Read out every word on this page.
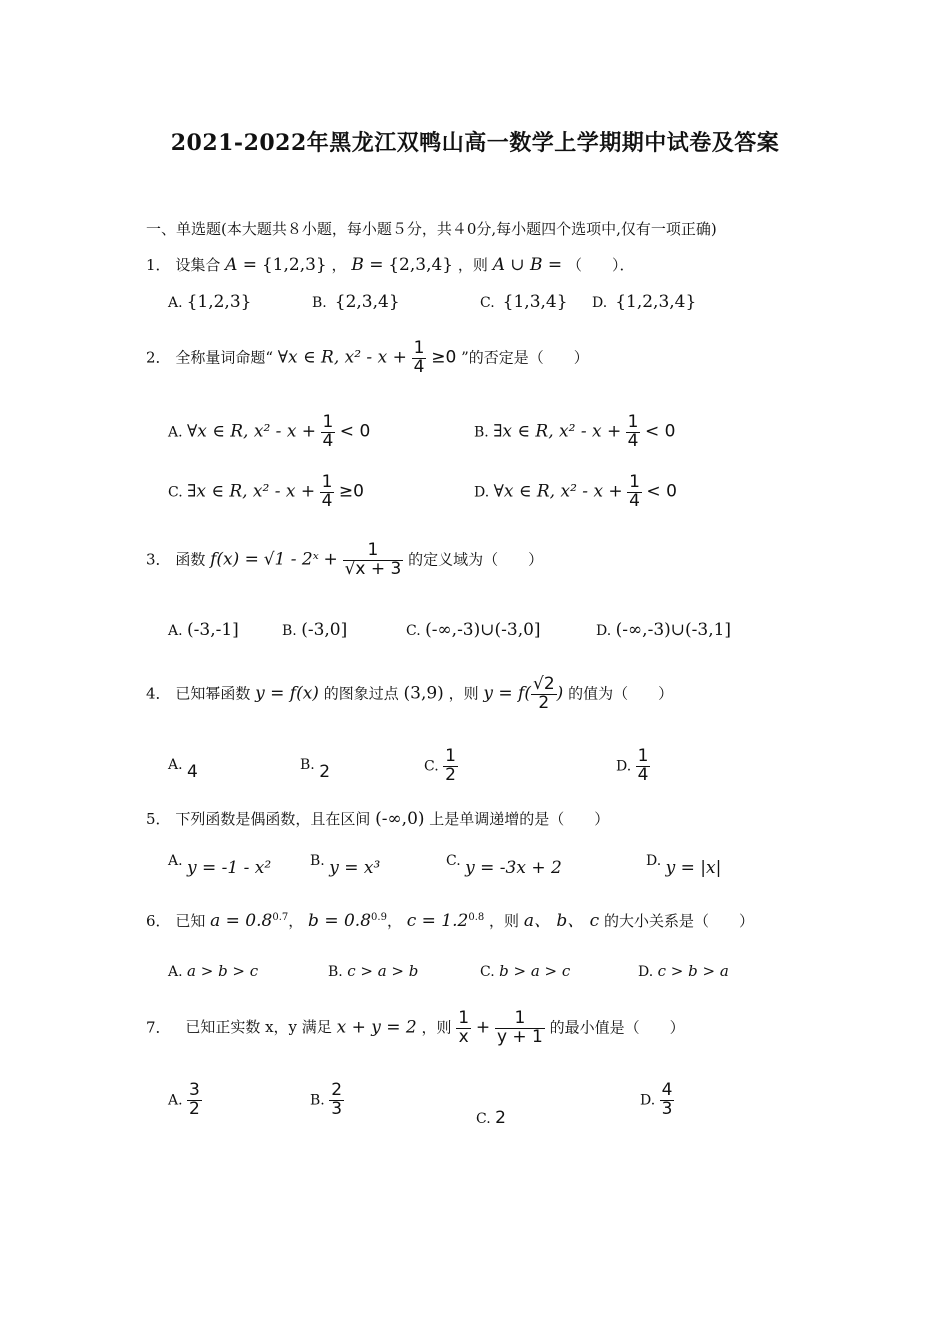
2021-2022年黑龙江双鸭山高一数学上学期期中试卷及答案
一、单选题(本大题共８小题，每小题５分，共４0分,每小题四个选项中,仅有一项正确)
1． 设集合 A = {1,2,3} ， B = {2,3,4} ，则 A ∪ B = （　　）．
A. {1,2,3}	B. {2,3,4}	C. {1,3,4} D. {1,2,3,4}
2． 全称量词命题“ ∀x ∈ R, $x^2 - x + \frac{1}{4} \ge 0$ ”的否定是（　　）
A. ∀x ∈ R, $x^2 - x + \frac{1}{4} < 0$	B. ∃x ∈ R, $x^2 - x + \frac{1}{4} < 0$
C. ∃x ∈ R, $x^2 - x + \frac{1}{4} \ge 0$	D. ∀x ∈ R, $x^2 - x + \frac{1}{4} < 0$
3． 函数 f(x) = √1 - 2ˣ + $\frac{1}{√x + 3}$ 的定义域为（　　）
A. (-3,-1]	B. (-3,0]	C. (-∞,-3)∪(-3,0]	D. (-∞,-3)∪(-3,1]
4． 已知幂函数 y = f(x) 的图象过点 (3,9) ，则 $y = f( \frac{√2}{2}$ ) 的值为（　　）
A. 4	B. 2	C. $\frac{1}{2}$	D. $\frac{1}{4}$
5． 下列函数是偶函数，且在区间 (-∞,0) 上是单调递增的是（　　）
A. y = -1 - x²	B. y = x³	C. y = -3x + 2	D. y = |x|
6． 已知 $a = 0.8^{0.7}$， $b = 0.8^{0.9}$， $c = 1.2^{0.8}$ ，则 a、 b、 c 的大小关系是（　　）
A. a > b > c	B. c > a > b	C. b > a > c	D. c > b > a
7． 已知正实数 x，y 满足 x + y = 2 ，则 $\frac{1}{x} + \frac{1}{y + 1}$ 的最小值是（　　）
A. $\frac{3}{2}$	B. $\frac{2}{3}$
C. 2
D. $\frac{4}{3}$
